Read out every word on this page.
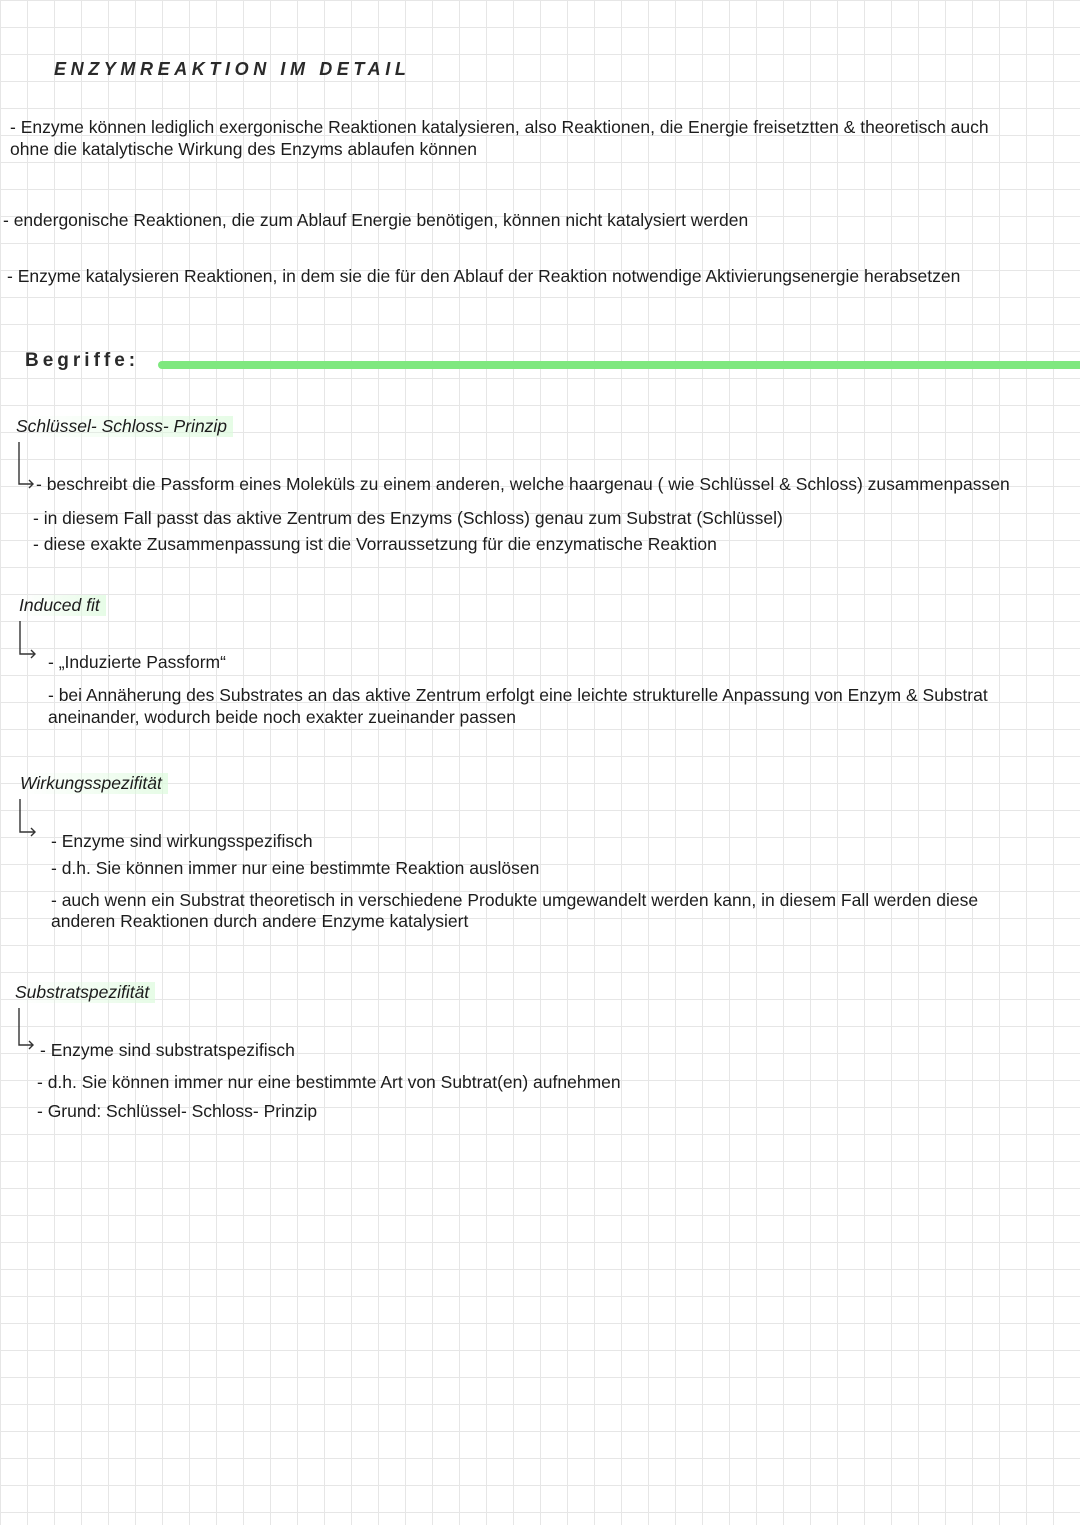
ENZYMREAKTION IM DETAIL
- Enzyme können lediglich exergonische Reaktionen katalysieren, also Reaktionen, die Energie freisetztten & theoretisch auch
ohne die katalytische Wirkung des Enzyms ablaufen können
- endergonische Reaktionen, die zum Ablauf Energie benötigen, können nicht katalysiert werden
- Enzyme katalysieren Reaktionen, in dem sie die für den Ablauf der Reaktion notwendige Aktivierungsenergie herabsetzen
Begriffe:
Schlüssel- Schloss- Prinzip
- beschreibt die Passform eines Moleküls zu einem anderen, welche haargenau ( wie Schlüssel & Schloss) zusammenpassen
- in diesem Fall passt das aktive Zentrum des Enzyms (Schloss) genau zum Substrat (Schlüssel)
- diese exakte Zusammenpassung ist die Vorraussetzung für die enzymatische Reaktion
Induced fit
- „Induzierte Passform“
- bei Annäherung des Substrates an das aktive Zentrum erfolgt eine leichte strukturelle Anpassung von Enzym & Substrat
aneinander, wodurch beide noch exakter zueinander passen
Wirkungsspezifität
- Enzyme sind wirkungsspezifisch
- d.h. Sie können immer nur eine bestimmte Reaktion auslösen
- auch wenn ein Substrat theoretisch in verschiedene Produkte umgewandelt werden kann, in diesem Fall werden diese
anderen Reaktionen durch andere Enzyme katalysiert
Substratspezifität
- Enzyme sind substratspezifisch
- d.h. Sie können immer nur eine bestimmte Art von Subtrat(en) aufnehmen
- Grund: Schlüssel- Schloss- Prinzip
